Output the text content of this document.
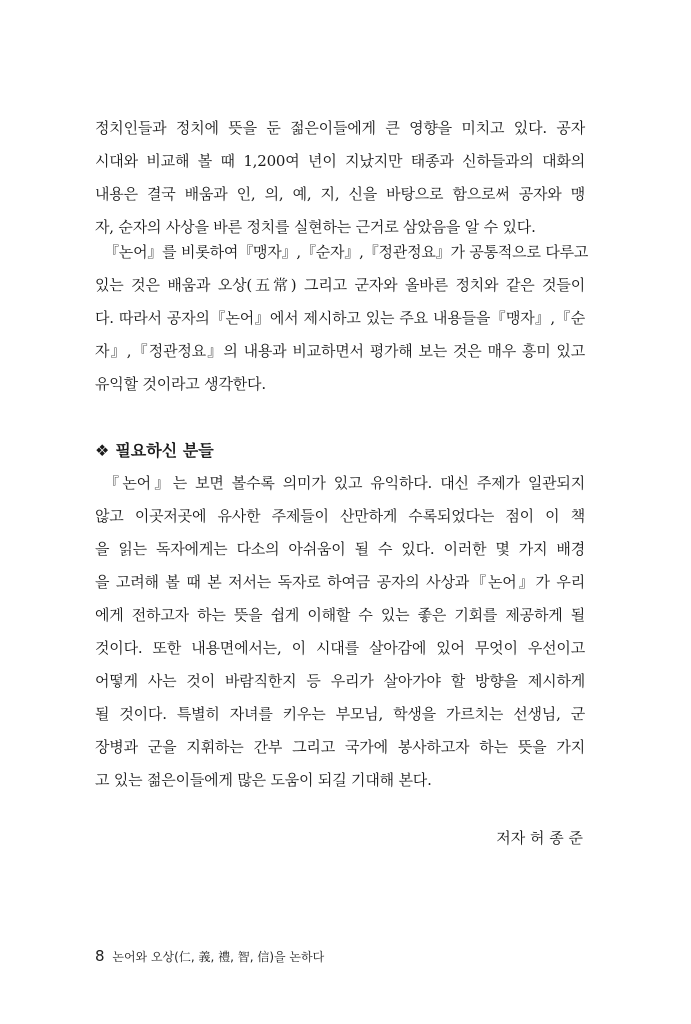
정치인들과 정치에 뜻을 둔 젊은이들에게 큰 영향을 미치고 있다. 공자
시대와 비교해 볼 때 1,200여 년이 지났지만 태종과 신하들과의 대화의
내용은 결국 배움과 인, 의, 예, 지, 신을 바탕으로 함으로써 공자와 맹
자, 순자의 사상을 바른 정치를 실현하는 근거로 삼았음을 알 수 있다.
『논어』를 비롯하여『맹자』,『순자』,『정관정요』가 공통적으로 다루고
있는 것은 배움과 오상(五常) 그리고 군자와 올바른 정치와 같은 것들이
다. 따라서 공자의『논어』에서 제시하고 있는 주요 내용들을『맹자』,『순
자』,『정관정요』의 내용과 비교하면서 평가해 보는 것은 매우 흥미 있고
유익할 것이라고 생각한다.
❖ 필요하신 분들
『논어』는 보면 볼수록 의미가 있고 유익하다. 대신 주제가 일관되지
않고 이곳저곳에 유사한 주제들이 산만하게 수록되었다는 점이 이 책
을 읽는 독자에게는 다소의 아쉬움이 될 수 있다. 이러한 몇 가지 배경
을 고려해 볼 때 본 저서는 독자로 하여금 공자의 사상과『논어』가 우리
에게 전하고자 하는 뜻을 쉽게 이해할 수 있는 좋은 기회를 제공하게 될
것이다. 또한 내용면에서는, 이 시대를 살아감에 있어 무엇이 우선이고
어떻게 사는 것이 바람직한지 등 우리가 살아가야 할 방향을 제시하게
될 것이다. 특별히 자녀를 키우는 부모님, 학생을 가르치는 선생님, 군
장병과 군을 지휘하는 간부 그리고 국가에 봉사하고자 하는 뜻을 가지
고 있는 젊은이들에게 많은 도움이 되길 기대해 본다.
저자 허 종 준
8 논어와 오상(仁, 義, 禮, 智, 信)을 논하다
